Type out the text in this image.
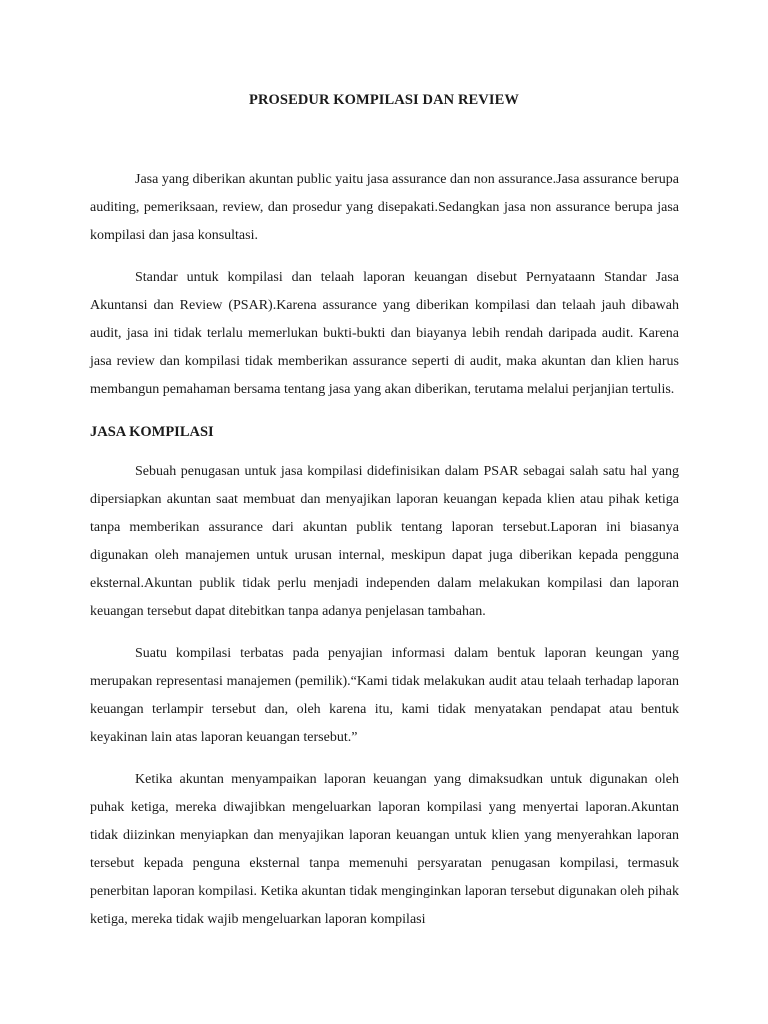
PROSEDUR KOMPILASI DAN REVIEW

Jasa yang diberikan akuntan public yaitu jasa assurance dan non assurance.Jasa assurance berupa auditing, pemeriksaan, review, dan prosedur yang disepakati.Sedangkan jasa non assurance berupa jasa kompilasi dan jasa konsultasi.

Standar untuk kompilasi dan telaah laporan keuangan disebut Pernyataann Standar Jasa Akuntansi dan Review (PSAR).Karena assurance yang diberikan kompilasi dan telaah jauh dibawah audit, jasa ini tidak terlalu memerlukan bukti-bukti dan biayanya lebih rendah daripada audit. Karena jasa review dan kompilasi tidak memberikan assurance seperti di audit, maka akuntan dan klien harus membangun pemahaman bersama tentang jasa yang akan diberikan, terutama melalui perjanjian tertulis.

JASA KOMPILASI

Sebuah penugasan untuk jasa kompilasi didefinisikan dalam PSAR sebagai salah satu hal yang dipersiapkan akuntan saat membuat dan menyajikan laporan keuangan kepada klien atau pihak ketiga tanpa memberikan assurance dari akuntan publik tentang laporan tersebut.Laporan ini biasanya digunakan oleh manajemen untuk urusan internal, meskipun dapat juga diberikan kepada pengguna eksternal.Akuntan publik tidak perlu menjadi independen dalam melakukan kompilasi dan laporan keuangan tersebut dapat ditebitkan tanpa adanya penjelasan tambahan.

Suatu kompilasi terbatas pada penyajian informasi dalam bentuk laporan keungan yang merupakan representasi manajemen (pemilik).“Kami tidak melakukan audit atau telaah terhadap laporan keuangan terlampir tersebut dan, oleh karena itu, kami tidak menyatakan pendapat atau bentuk keyakinan lain atas laporan keuangan tersebut.”

Ketika akuntan menyampaikan laporan keuangan yang dimaksudkan untuk digunakan oleh puhak ketiga, mereka diwajibkan mengeluarkan laporan kompilasi yang menyertai laporan.Akuntan tidak diizinkan menyiapkan dan menyajikan laporan keuangan untuk klien yang menyerahkan laporan tersebut kepada penguna eksternal tanpa memenuhi persyaratan penugasan kompilasi, termasuk penerbitan laporan kompilasi. Ketika akuntan tidak menginginkan laporan tersebut digunakan oleh pihak ketiga, mereka tidak wajib mengeluarkan laporan kompilasi
